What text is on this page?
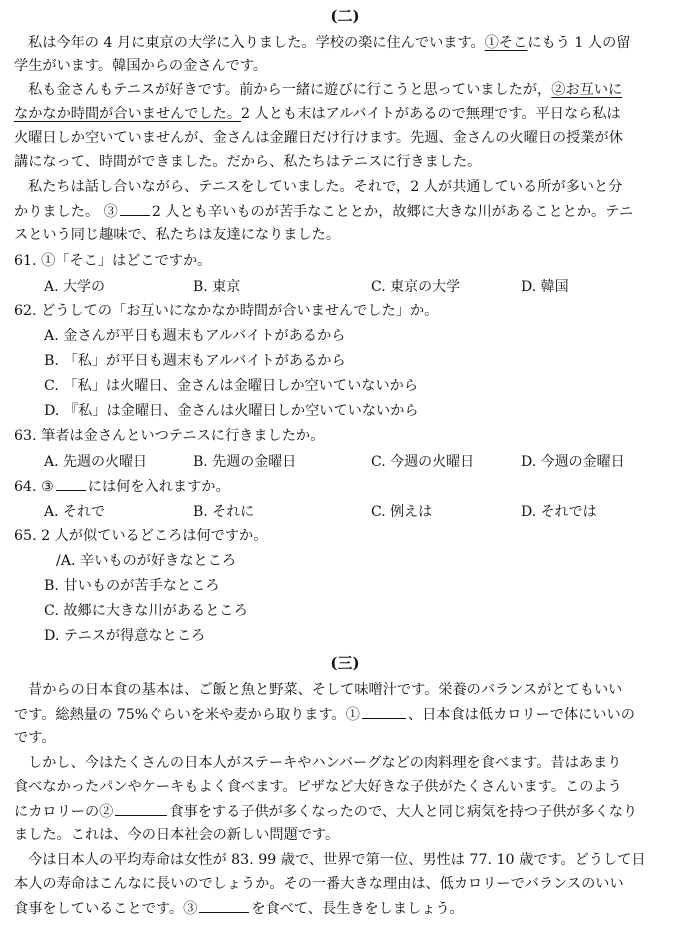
(二)
私は今年の 4 月に東京の大学に入りました。学校の楽に住んでいます。①そこにもう 1 人の留
学生がいます。韓国からの金さんです。
私も金さんもテニスが好きです。前から一緒に遊びに行こうと思っていましたが，②お互いに
なかなか時間が合いませんでした。2 人とも末はアルバイトがあるので無理です。平日なら私は
火曜日しか空いていませんが、金さんは金躍日だけ行けます。先週、金さんの火曜日の授業が休
講になって、時間ができました。だから、私たちはテニスに行きました。
私たちは話し合いながら、テニスをしていました。それで，2 人が共通している所が多いと分
かりました。 ③ 2 人とも辛いものが苦手なこととか，故郷に大きな川があることとか。テニ
スという同じ趣味で、私たちは友達になりました。
61. ①「そこ」はどこですか。
A. 大学の	B. 東京	C. 東京の大学	D. 韓国
62. どうしての「お互いになかなか時間が合いませんでした」か。
A. 金さんが平日も週末もアルバイトがあるから
B. 「私」が平日も週末もアルバイトがあるから
C. 「私」は火曜日、金さんは金曜日しか空いていないから
D. 『私」は金曜日、金さんは火曜日しか空いていないから
63. 筆者は金さんといつテニスに行きましたか。
A. 先週の火曜日	B. 先週の金曜日	C. 今週の火曜日	D. 今週の金曜日
64. ③ には何を入れますか。
A. それで	B. それに	C. 例えは	D. それでは
65. 2 人が似ているどころは何ですか。
/A. 辛いものが好きなところ
B. 甘いものが苦手なところ
C. 故郷に大きな川があるところ
D. テニスが得意なところ
(三)
昔からの日本食の基本は、ご飯と魚と野菜、そして味噌汁です。栄養のバランスがとてもいい
です。総熱量の 75%ぐらいを米や麦から取ります。①	、日本食は低カロリーで体にいいの
です。
しかし、今はたくさんの日本人がステーキやハンバーグなどの肉料理を食べます。昔はあまり
食べなかったパンやケーキもよく食べます。ピザなど大好きな子供がたくさんいます。このよう
にカロリーの②	食事をする子供が多くなったので、大人と同じ病気を持つ子供が多くなり
ました。これは、今の日本社会の新しい問題です。
今は日本人の平均寿命は女性が 83. 99 歳で、世界で第一位、男性は 77. 10 歳です。どうして日
本人の寿命はこんなに長いのでしょうか。その一番大きな理由は、低カロリーでバランスのいい
食事をしていることです。③	を食べて、長生きをしましょう。
